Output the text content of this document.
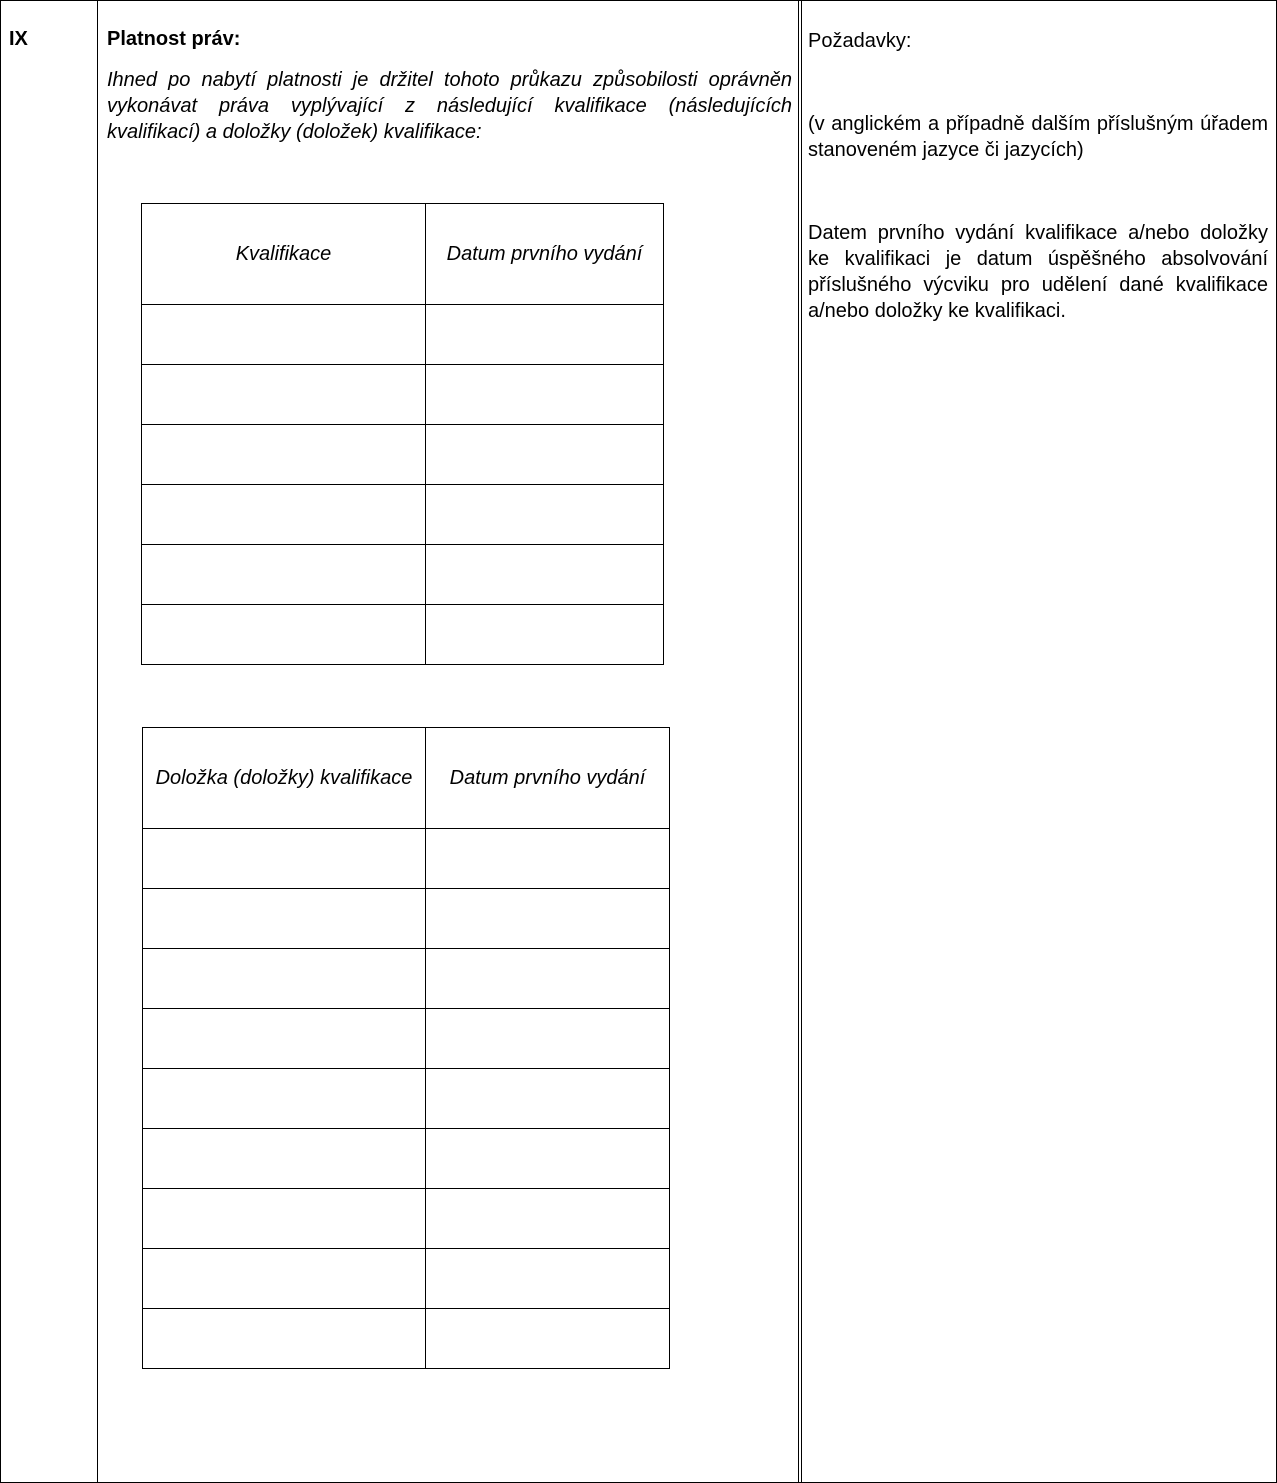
IX	Platnost práv:

Ihned po nabytí platnosti je držitel tohoto průkazu způsobilosti oprávněn vykonávat práva vyplývající z následující kvalifikace (následujících kvalifikací) a doložky (doložek) kvalifikace:

Požadavky:

(v anglickém a případně dalším příslušným úřadem stanoveném jazyce či jazycích)

Datem prvního vydání kvalifikace a/nebo doložky ke kvalifikaci je datum úspěšného absolvování příslušného výcviku pro udělení dané kvalifikace a/nebo doložky ke kvalifikaci.

Kvalifikace	Datum prvního vydání

Doložka (doložky) kvalifikace	Datum prvního vydání
